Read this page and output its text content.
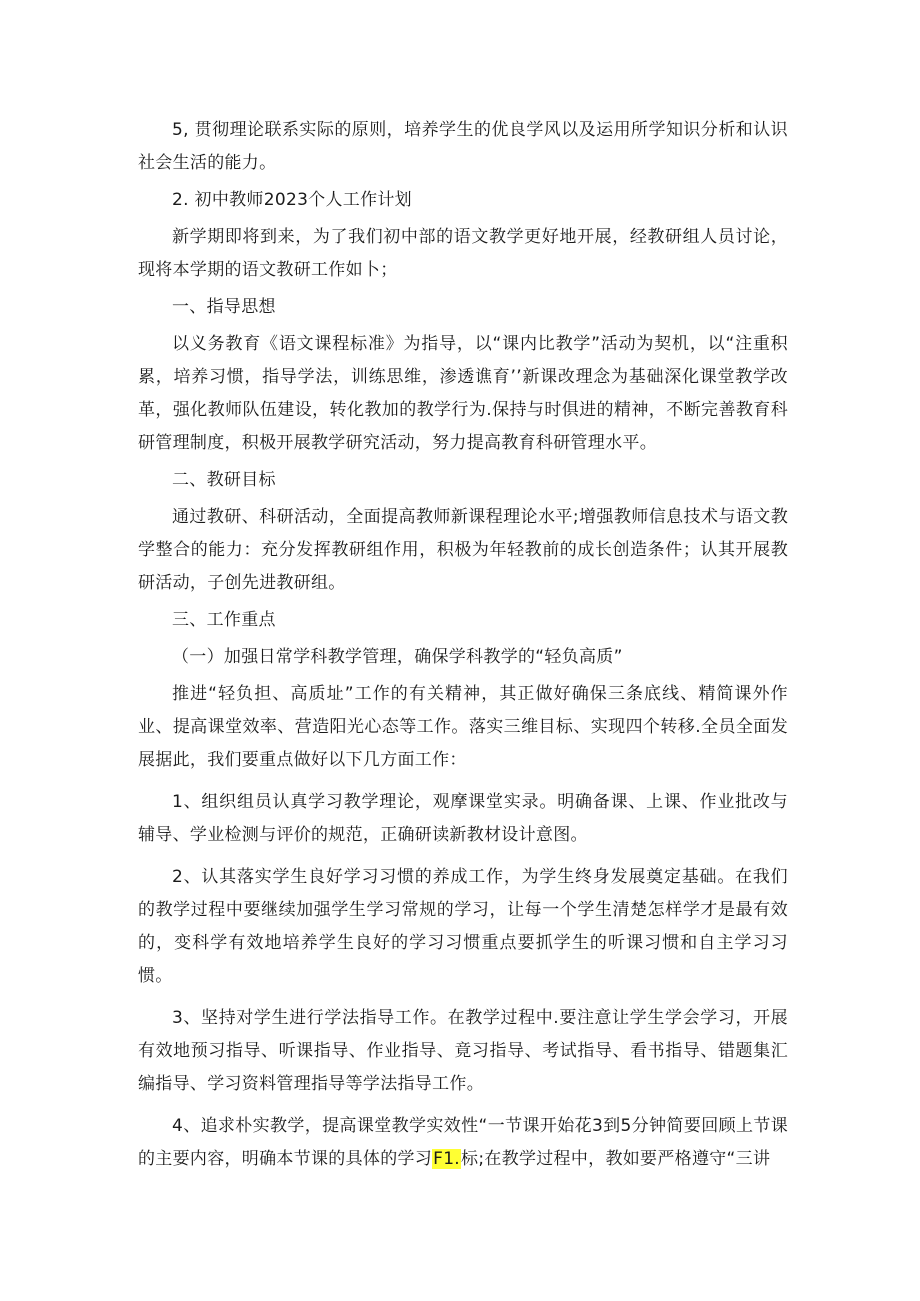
5, 贯彻理论联系实际的原则，培养学生的优良学风以及运用所学知识分析和认识社会生活的能力。

2. 初中教师2023个人工作计划

新学期即将到来，为了我们初中部的语文教学更好地开展，经教研组人员讨论，现将本学期的语文教研工作如卜；

一、指导思想

以义务教育《语文课程标准》为指导，以“课内比教学”活动为契机，以“注重积累，培养习惯，指导学法，训练思维，渗透谯育’’新课改理念为基础深化课堂教学改革，强化教师队伍建设，转化教加的教学行为.保持与时俱进的精神，不断完善教育科研管理制度，积极开展教学研究活动，努力提高教育科研管理水平。

二、教研目标

通过教研、科研活动，全面提高教师新课程理论水平;增强教师信息技术与语文教学整合的能力：充分发挥教研组作用，积极为年轻教前的成长创造条件；认其开展教研活动，子创先进教研组。

三、工作重点

（一）加强日常学科教学管理，确保学科教学的“轻负高质”

推进“轻负担、高质址”工作的有关精神，其正做好确保三条底线、精简课外作业、提高课堂效率、营造阳光心态等工作。落实三维目标、实现四个转移.全员全面发展据此，我们要重点做好以下几方面工作：

1、组织组员认真学习教学理论，观摩课堂实录。明确备课、上课、作业批改与辅导、学业检测与评价的规范，正确研读新教材设计意图。

2、认其落实学生良好学习习惯的养成工作，为学生终身发展奠定基础。在我们的教学过程中要继续加强学生学习常规的学习，让每一个学生清楚怎样学才是最有效的，变科学有效地培养学生良好的学习习惯重点要抓学生的听课习惯和自主学习习惯。

3、坚持对学生进行学法指导工作。在教学过程中.要注意让学生学会学习，开展有效地预习指导、听课指导、作业指导、竟习指导、考试指导、看书指导、错题集汇编指导、学习资料管理指导等学法指导工作。

4、追求朴实教学，提高课堂教学实效性“一节课开始花3到5分钟简要回顾上节课的主要内容，明确本节课的具体的学习F1.标;在教学过程中，教如要严格遵守“三讲
